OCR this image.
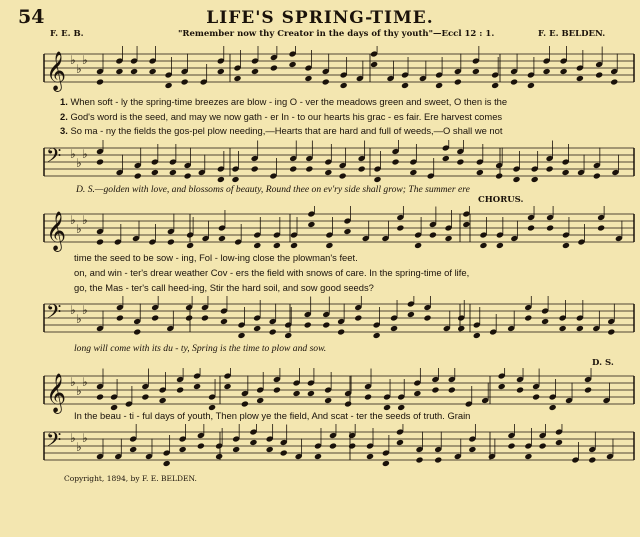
54	LIFE'S SPRING-TIME.
F. E. B.	"Remember now thy Creator in the days of thy youth"—Eccl 12 : 1.	F. E. BELDEN.
𝄞 ♭
♭
♭
1. When soft - ly the spring-time breezes are blow - ing O - ver the meadows green and sweet, O then is the
2. God's word is the seed, and may we now gath - er In - to our hearts his grac - es fair. Ere harvest comes
3. So ma - ny the fields the gos-pel plow needing,—Hearts that are hard and full of weeds,—O shall we not
𝄢 ♭
♭
♭
D. S.—golden with love, and blossoms of beauty, Round thee on ev'ry side shall grow; The summer ere
CHORUS.
𝄞 ♭
♭
♭
time the seed to be sow - ing, Fol - low-ing close the plowman's feet.
on, and win - ter's drear weather Cov - ers the field with snows of care. In the spring-time of life,
go, the Mas - ter's call heed-ing, Stir the hard soil, and sow good seeds?
𝄢 ♭
♭
♭
long will come with its du - ty, Spring is the time to plow and sow.
D. S.
𝄞 ♭
♭
♭
In the beau - ti - ful days of youth, Then plow ye the field, And scat - ter the seeds of truth. Grain
𝄢 ♭
♭
♭
Copyright, 1894, by F. E. BELDEN.
